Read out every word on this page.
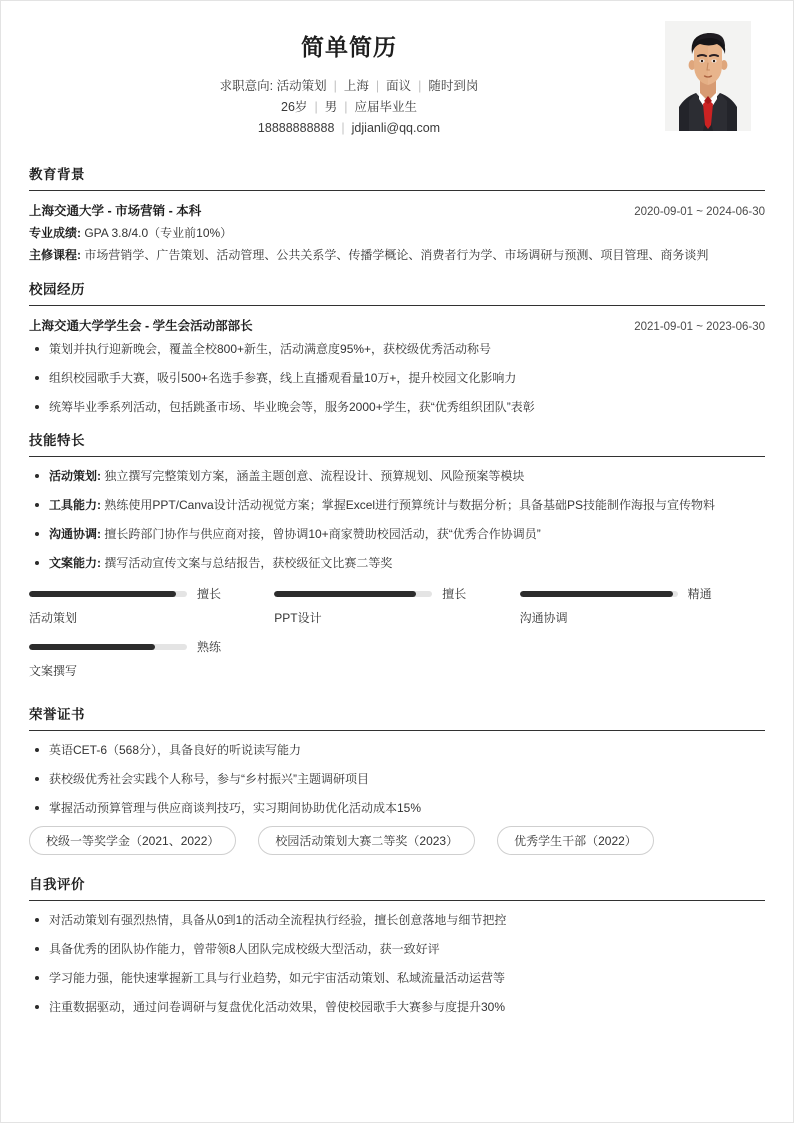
简单简历
求职意向: 活动策划 | 上海 | 面议 | 随时到岗
26岁 | 男 | 应届毕业生
18888888888 | jdjianli@qq.com
教育背景
上海交通大学 - 市场营销 - 本科	2020-09-01 ~ 2024-06-30
专业成绩: GPA 3.8/4.0（专业前10%）
主修课程: 市场营销学、广告策划、活动管理、公共关系学、传播学概论、消费者行为学、市场调研与预测、项目管理、商务谈判
校园经历
上海交通大学学生会 - 学生会活动部部长	2021-09-01 ~ 2023-06-30
策划并执行迎新晚会，覆盖全校800+新生，活动满意度95%+，获校级优秀活动称号
组织校园歌手大赛，吸引500+名选手参赛，线上直播观看量10万+，提升校园文化影响力
统筹毕业季系列活动，包括跳蚤市场、毕业晚会等，服务2000+学生，获“优秀组织团队”表彰
技能特长
活动策划: 独立撰写完整策划方案，涵盖主题创意、流程设计、预算规划、风险预案等模块
工具能力: 熟练使用PPT/Canva设计活动视觉方案；掌握Excel进行预算统计与数据分析；具备基础PS技能制作海报与宣传物料
沟通协调: 擅长跨部门协作与供应商对接，曾协调10+商家赞助校园活动，获“优秀合作协调员”
文案能力: 撰写活动宣传文案与总结报告，获校级征文比赛二等奖
擅长
活动策划
擅长
PPT设计
精通
沟通协调
熟练
文案撰写
荣誉证书
英语CET-6（568分），具备良好的听说读写能力
获校级优秀社会实践个人称号，参与“乡村振兴”主题调研项目
掌握活动预算管理与供应商谈判技巧，实习期间协助优化活动成本15%
校级一等奖学金（2021、2022）	校园活动策划大赛二等奖（2023）	优秀学生干部（2022）
自我评价
对活动策划有强烈热情，具备从0到1的活动全流程执行经验，擅长创意落地与细节把控
具备优秀的团队协作能力，曾带领8人团队完成校级大型活动，获一致好评
学习能力强，能快速掌握新工具与行业趋势，如元宇宙活动策划、私域流量活动运营等
注重数据驱动，通过问卷调研与复盘优化活动效果，曾使校园歌手大赛参与度提升30%
